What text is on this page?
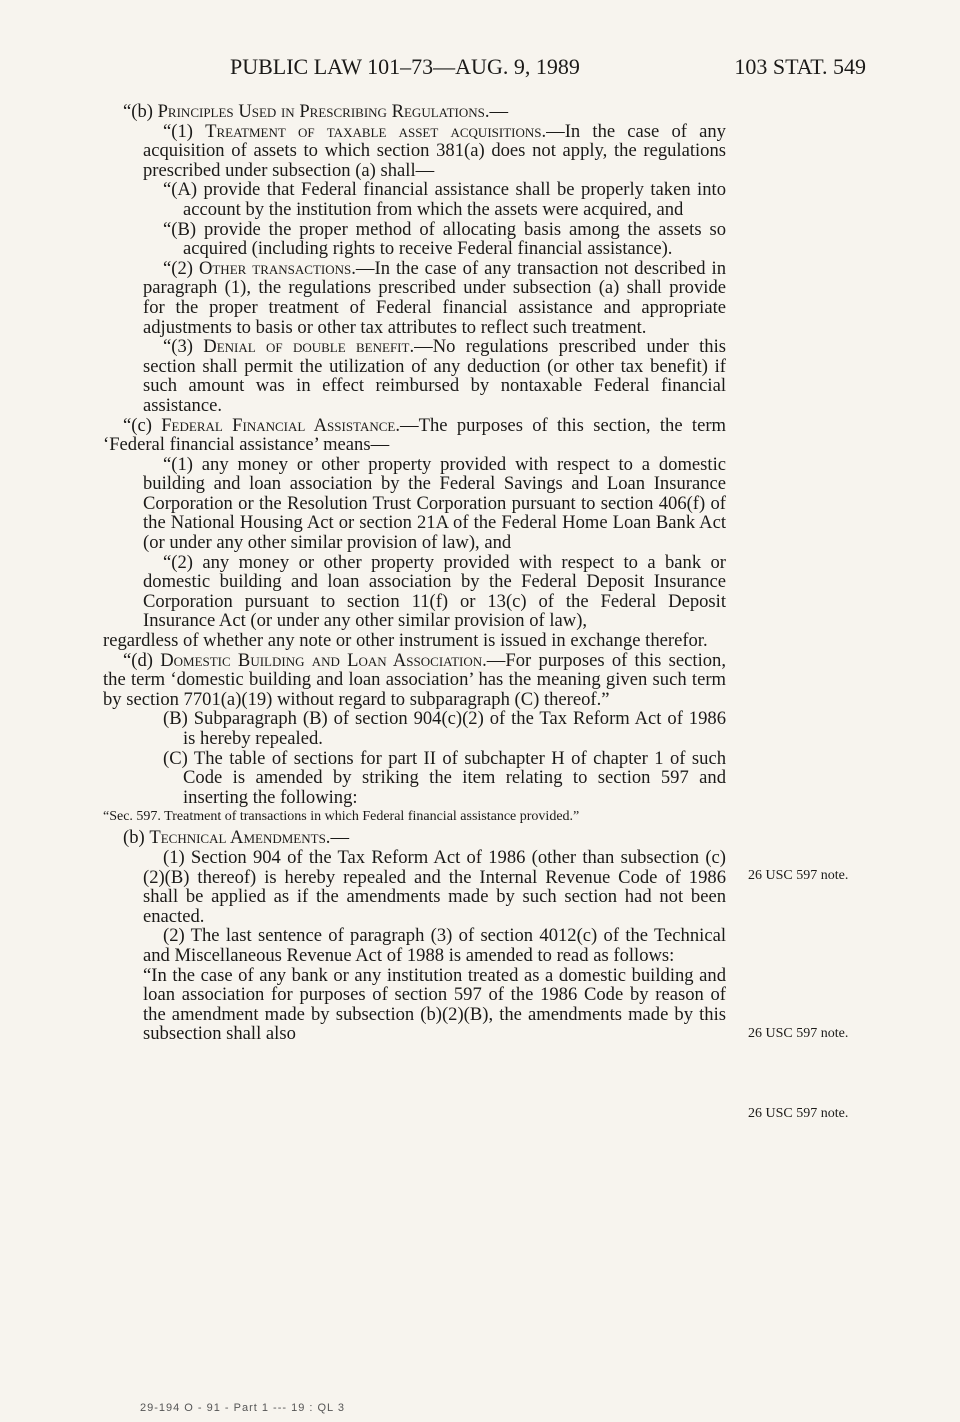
PUBLIC LAW 101–73—AUG. 9, 1989	103 STAT. 549

“(b) Principles Used in Prescribing Regulations.—

“(1) Treatment of taxable asset acquisitions.—In the case of any acquisition of assets to which section 381(a) does not apply, the regulations prescribed under subsection (a) shall—

“(A) provide that Federal financial assistance shall be properly taken into account by the institution from which the assets were acquired, and

“(B) provide the proper method of allocating basis among the assets so acquired (including rights to receive Federal financial assistance).

“(2) Other transactions.—In the case of any transaction not described in paragraph (1), the regulations prescribed under subsection (a) shall provide for the proper treatment of Federal financial assistance and appropriate adjustments to basis or other tax attributes to reflect such treatment.

“(3) Denial of double benefit.—No regulations prescribed under this section shall permit the utilization of any deduction (or other tax benefit) if such amount was in effect reimbursed by nontaxable Federal financial assistance.

“(c) Federal Financial Assistance.—The purposes of this section, the term ‘Federal financial assistance’ means—

“(1) any money or other property provided with respect to a domestic building and loan association by the Federal Savings and Loan Insurance Corporation or the Resolution Trust Corporation pursuant to section 406(f) of the National Housing Act or section 21A of the Federal Home Loan Bank Act (or under any other similar provision of law), and

“(2) any money or other property provided with respect to a bank or domestic building and loan association by the Federal Deposit Insurance Corporation pursuant to section 11(f) or 13(c) of the Federal Deposit Insurance Act (or under any other similar provision of law),

regardless of whether any note or other instrument is issued in exchange therefor.

“(d) Domestic Building and Loan Association.—For purposes of this section, the term ‘domestic building and loan association’ has the meaning given such term by section 7701(a)(19) without regard to subparagraph (C) thereof.”

(B) Subparagraph (B) of section 904(c)(2) of the Tax Reform Act of 1986 is hereby repealed.

(C) The table of sections for part II of subchapter H of chapter 1 of such Code is amended by striking the item relating to section 597 and inserting the following:

“Sec. 597. Treatment of transactions in which Federal financial assistance provided.”

(b) Technical Amendments.—

(1) Section 904 of the Tax Reform Act of 1986 (other than subsection (c)(2)(B) thereof) is hereby repealed and the Internal Revenue Code of 1986 shall be applied as if the amendments made by such section had not been enacted.

(2) The last sentence of paragraph (3) of section 4012(c) of the Technical and Miscellaneous Revenue Act of 1988 is amended to read as follows:

“In the case of any bank or any institution treated as a domestic building and loan association for purposes of section 597 of the 1986 Code by reason of the amendment made by subsection (b)(2)(B), the amendments made by this subsection shall also

26 USC 597 note.
26 USC 597 note.
26 USC 597 note.
29-194 O - 91 - Part 1 --- 19 : QL 3
